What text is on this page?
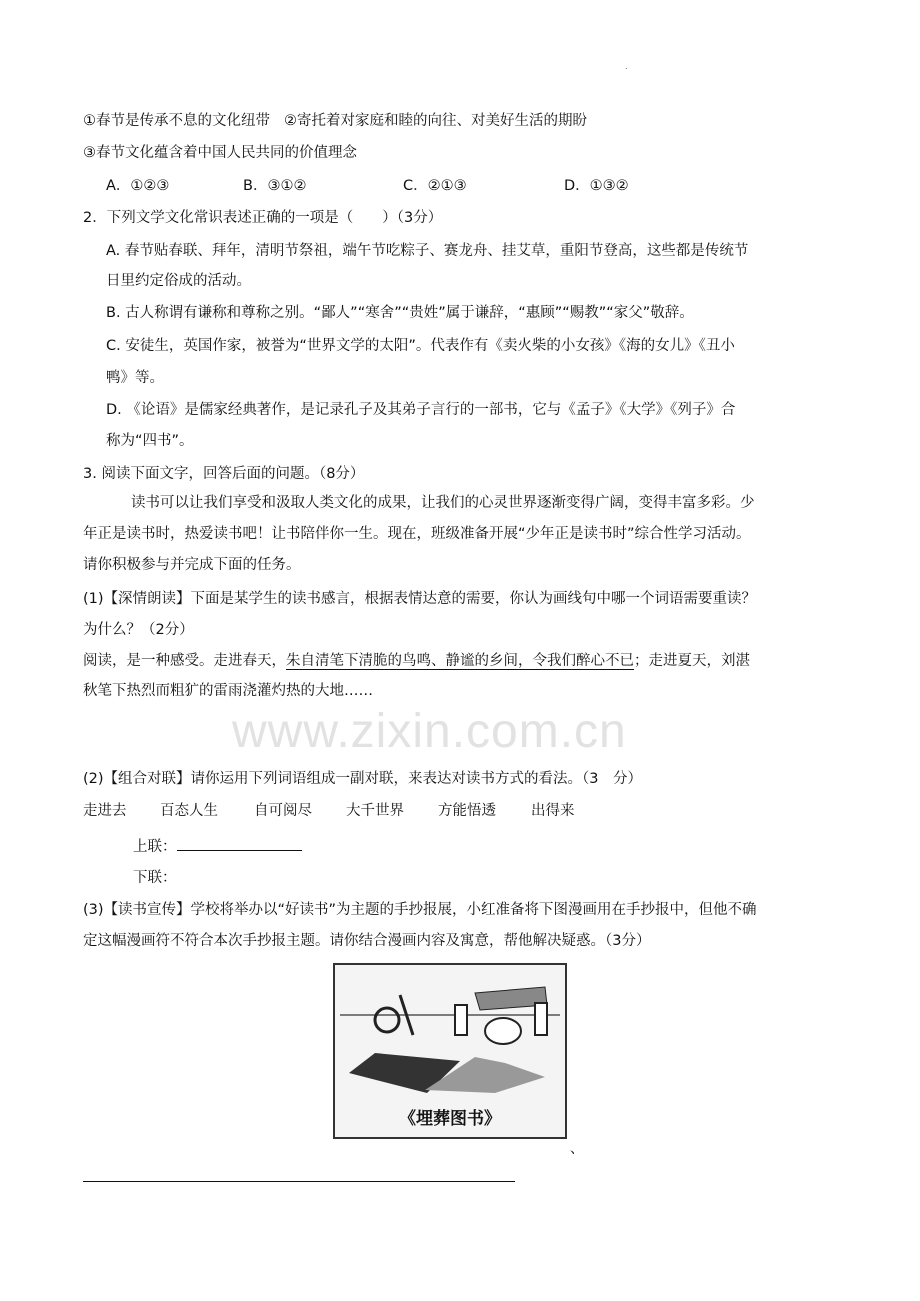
.
www.zixin.com.cn
①春节是传承不息的文化纽带 ②寄托着对家庭和睦的向往、对美好生活的期盼
③春节文化蕴含着中国人民共同的价值理念
A．①②③	B．③①②	C．②①③	D．①③②
2．下列文学文化常识表述正确的一项是（　　）（3分）
A. 春节贴春联、拜年，清明节祭祖，端午节吃粽子、赛龙舟、挂艾草，重阳节登高，这些都是传统节
日里约定俗成的活动。
B. 古人称谓有谦称和尊称之别。“鄙人”“寒舍”“贵姓”属于谦辞，“惠顾”“赐教”“家父”敬辞。
C. 安徒生，英国作家，被誉为“世界文学的太阳”。代表作有《卖火柴的小女孩》《海的女儿》《丑小
鸭》等。
D. 《论语》是儒家经典著作，是记录孔子及其弟子言行的一部书，它与《孟子》《大学》《列子》合
称为“四书”。
3. 阅读下面文字，回答后面的问题。（8分）
读书可以让我们享受和汲取人类文化的成果，让我们的心灵世界逐渐变得广阔，变得丰富多彩。少
年正是读书时，热爱读书吧！让书陪伴你一生。现在，班级准备开展“少年正是读书时”综合性学习活动。
请你积极参与并完成下面的任务。
(1)【深情朗读】下面是某学生的读书感言，根据表情达意的需要，你认为画线句中哪一个词语需要重读？
为什么？（2分）
阅读，是一种感受。走进春天，朱自清笔下清脆的鸟鸣、静谧的乡间，令我们醉心不已；走进夏天，刘湛
秋笔下热烈而粗犷的雷雨浇灌灼热的大地……
(2)【组合对联】请你运用下列词语组成一副对联，来表达对读书方式的看法。（3　分）
走进去 百态人生 自可阅尽 大千世界 方能悟透 出得来
上联：
下联：
(3)【读书宣传】学校将举办以“好读书”为主题的手抄报展，小红准备将下图漫画用在手抄报中，但他不确
定这幅漫画符不符合本次手抄报主题。请你结合漫画内容及寓意，帮他解决疑惑。（3分）
《埋葬图书》
、
